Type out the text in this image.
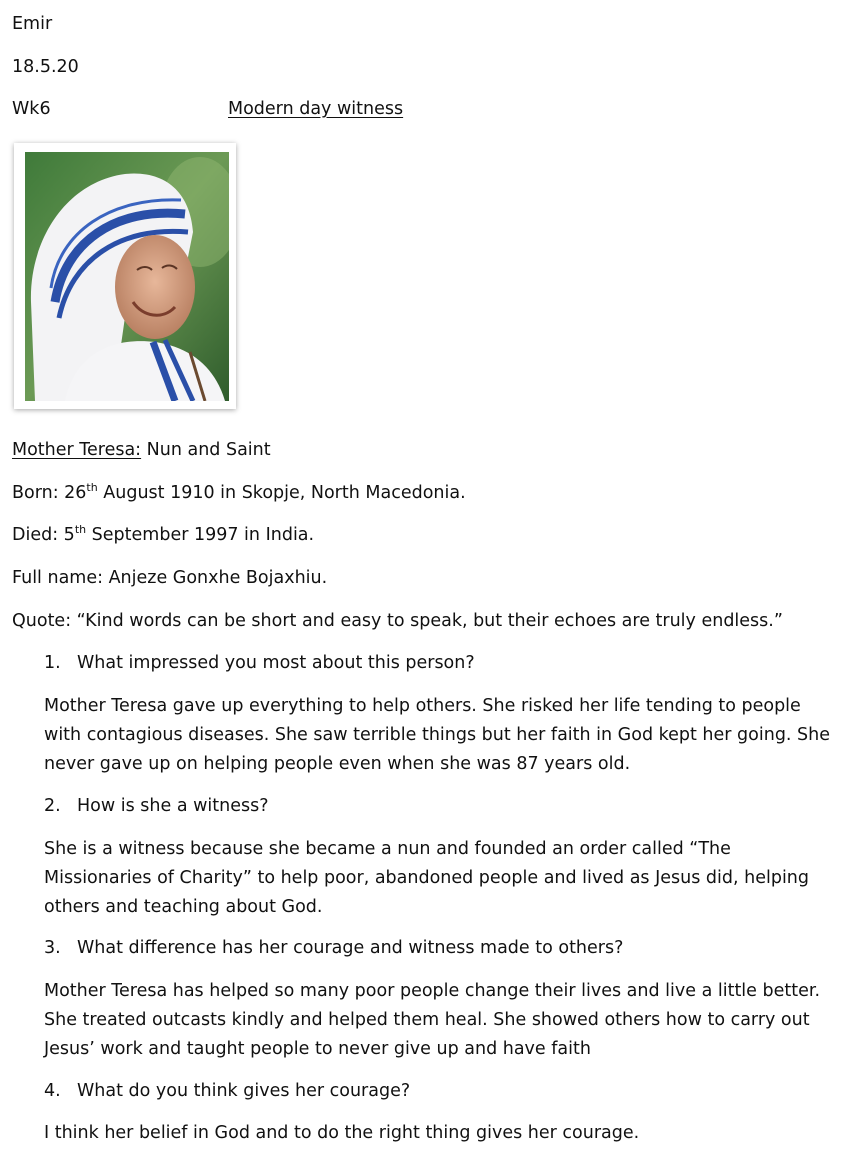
Emir
18.5.20
Wk6	Modern day witness
Mother Teresa: Nun and Saint
Born: 26th August 1910 in Skopje, North Macedonia.
Died: 5th September 1997 in India.
Full name: Anjeze Gonxhe Bojaxhiu.
Quote: “Kind words can be short and easy to speak, but their echoes are truly endless.”
1. What impressed you most about this person?
Mother Teresa gave up everything to help others. She risked her life tending to people
with contagious diseases. She saw terrible things but her faith in God kept her going. She
never gave up on helping people even when she was 87 years old.
2. How is she a witness?
She is a witness because she became a nun and founded an order called “The
Missionaries of Charity” to help poor, abandoned people and lived as Jesus did, helping
others and teaching about God.
3. What difference has her courage and witness made to others?
Mother Teresa has helped so many poor people change their lives and live a little better.
She treated outcasts kindly and helped them heal. She showed others how to carry out
Jesus’ work and taught people to never give up and have faith
4. What do you think gives her courage?
I think her belief in God and to do the right thing gives her courage.
